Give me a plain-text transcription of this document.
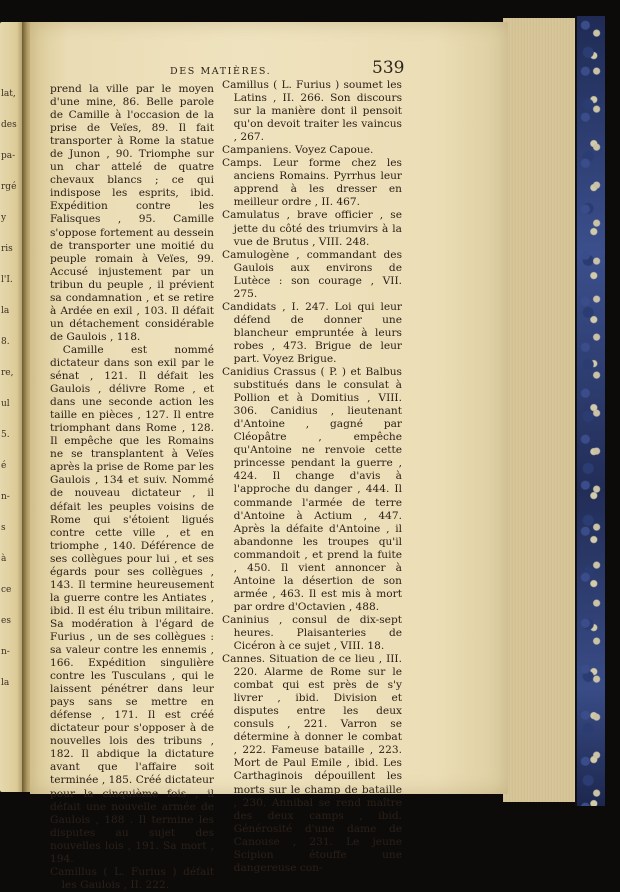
lat,
des
pa-
rgé
y
ris
l'I.
la
8.
re,
ul
5.
é
n-
s
à
ce
es
n-
la
DES MATIÈRES.	539

prend la ville par le moyen d'une mine, 86. Belle parole de Camille à l'occasion de la prise de Veïes, 89. Il fait transporter à Rome la statue de Junon , 90. Triomphe sur un char attelé de quatre chevaux blancs ; ce qui indispose les esprits, ibid. Expédition contre les Falisques , 95. Camille s'oppose fortement au dessein de transporter une moitié du peuple romain à Veïes, 99. Accusé injustement par un tribun du peuple , il prévient sa condamnation , et se retire à Ardée en exil , 103. Il défait un détachement considérable de Gaulois , 118.

Camille est nommé dictateur dans son exil par le sénat , 121. Il défait les Gaulois , délivre Rome , et dans une seconde action les taille en pièces , 127. Il entre triomphant dans Rome , 128. Il empêche que les Romains ne se transplantent à Veïes après la prise de Rome par les Gaulois , 134 et suiv. Nommé de nouveau dictateur , il défait les peuples voisins de Rome qui s'étoient ligués contre cette ville , et en triomphe , 140. Déférence de ses collègues pour lui , et ses égards pour ses collègues , 143. Il termine heureusement la guerre contre les Antiates , ibid. Il est élu tribun militaire. Sa modération à l'égard de Furius , un de ses collègues : sa valeur contre les ennemis , 166. Expédition singulière contre les Tusculans , qui le laissent pénétrer dans leur pays sans se mettre en défense , 171. Il est créé dictateur pour s'opposer à de nouvelles lois des tribuns , 182. Il abdique la dictature avant que l'affaire soit terminée , 185. Créé dictateur pour la cinquième fois , il défait une nouvelle armée de Gaulois , 188 . Il termine les disputes au sujet des nouvelles lois , 191. Sa mort , 194.

Camillus ( L. Furius ) défait les Gaulois , II. 222.

Camillus ( L. Furius ) soumet les Latins , II. 266. Son discours sur la manière dont il pensoit qu'on devoit traiter les vaincus , 267.

Campaniens. Voyez Capoue.

Camps. Leur forme chez les anciens Romains. Pyrrhus leur apprend à les dresser en meilleur ordre , II. 467.

Camulatus , brave officier , se jette du côté des triumvirs à la vue de Brutus , VIII. 248.

Camulogène , commandant des Gaulois aux environs de Lutèce : son courage , VII. 275.

Candidats , I. 247. Loi qui leur défend de donner une blancheur empruntée à leurs robes , 473. Brigue de leur part. Voyez Brigue.

Canidius Crassus ( P. ) et Balbus substitués dans le consulat à Pollion et à Domitius , VIII. 306. Canidius , lieutenant d'Antoine , gagné par Cléopâtre , empêche qu'Antoine ne renvoie cette princesse pendant la guerre , 424. Il change d'avis à l'approche du danger , 444. Il commande l'armée de terre d'Antoine à Actium , 447. Après la défaite d'Antoine , il abandonne les troupes qu'il commandoit , et prend la fuite , 450. Il vient annoncer à Antoine la désertion de son armée , 463. Il est mis à mort par ordre d'Octavien , 488.

Caninius , consul de dix-sept heures. Plaisanteries de Cicéron à ce sujet , VIII. 18.

Cannes. Situation de ce lieu , III. 220. Alarme de Rome sur le combat qui est près de s'y livrer , ibid. Division et disputes entre les deux consuls , 221. Varron se détermine à donner le combat , 222. Fameuse bataille , 223. Mort de Paul Emile , ibid. Les Carthaginois dépouillent les morts sur le champ de bataille , 230. Annibal se rend maître des deux camps , ibid. Générosité d'une dame de Canouse , 231. Le jeune Scipion étouffe une dangereuse con-
